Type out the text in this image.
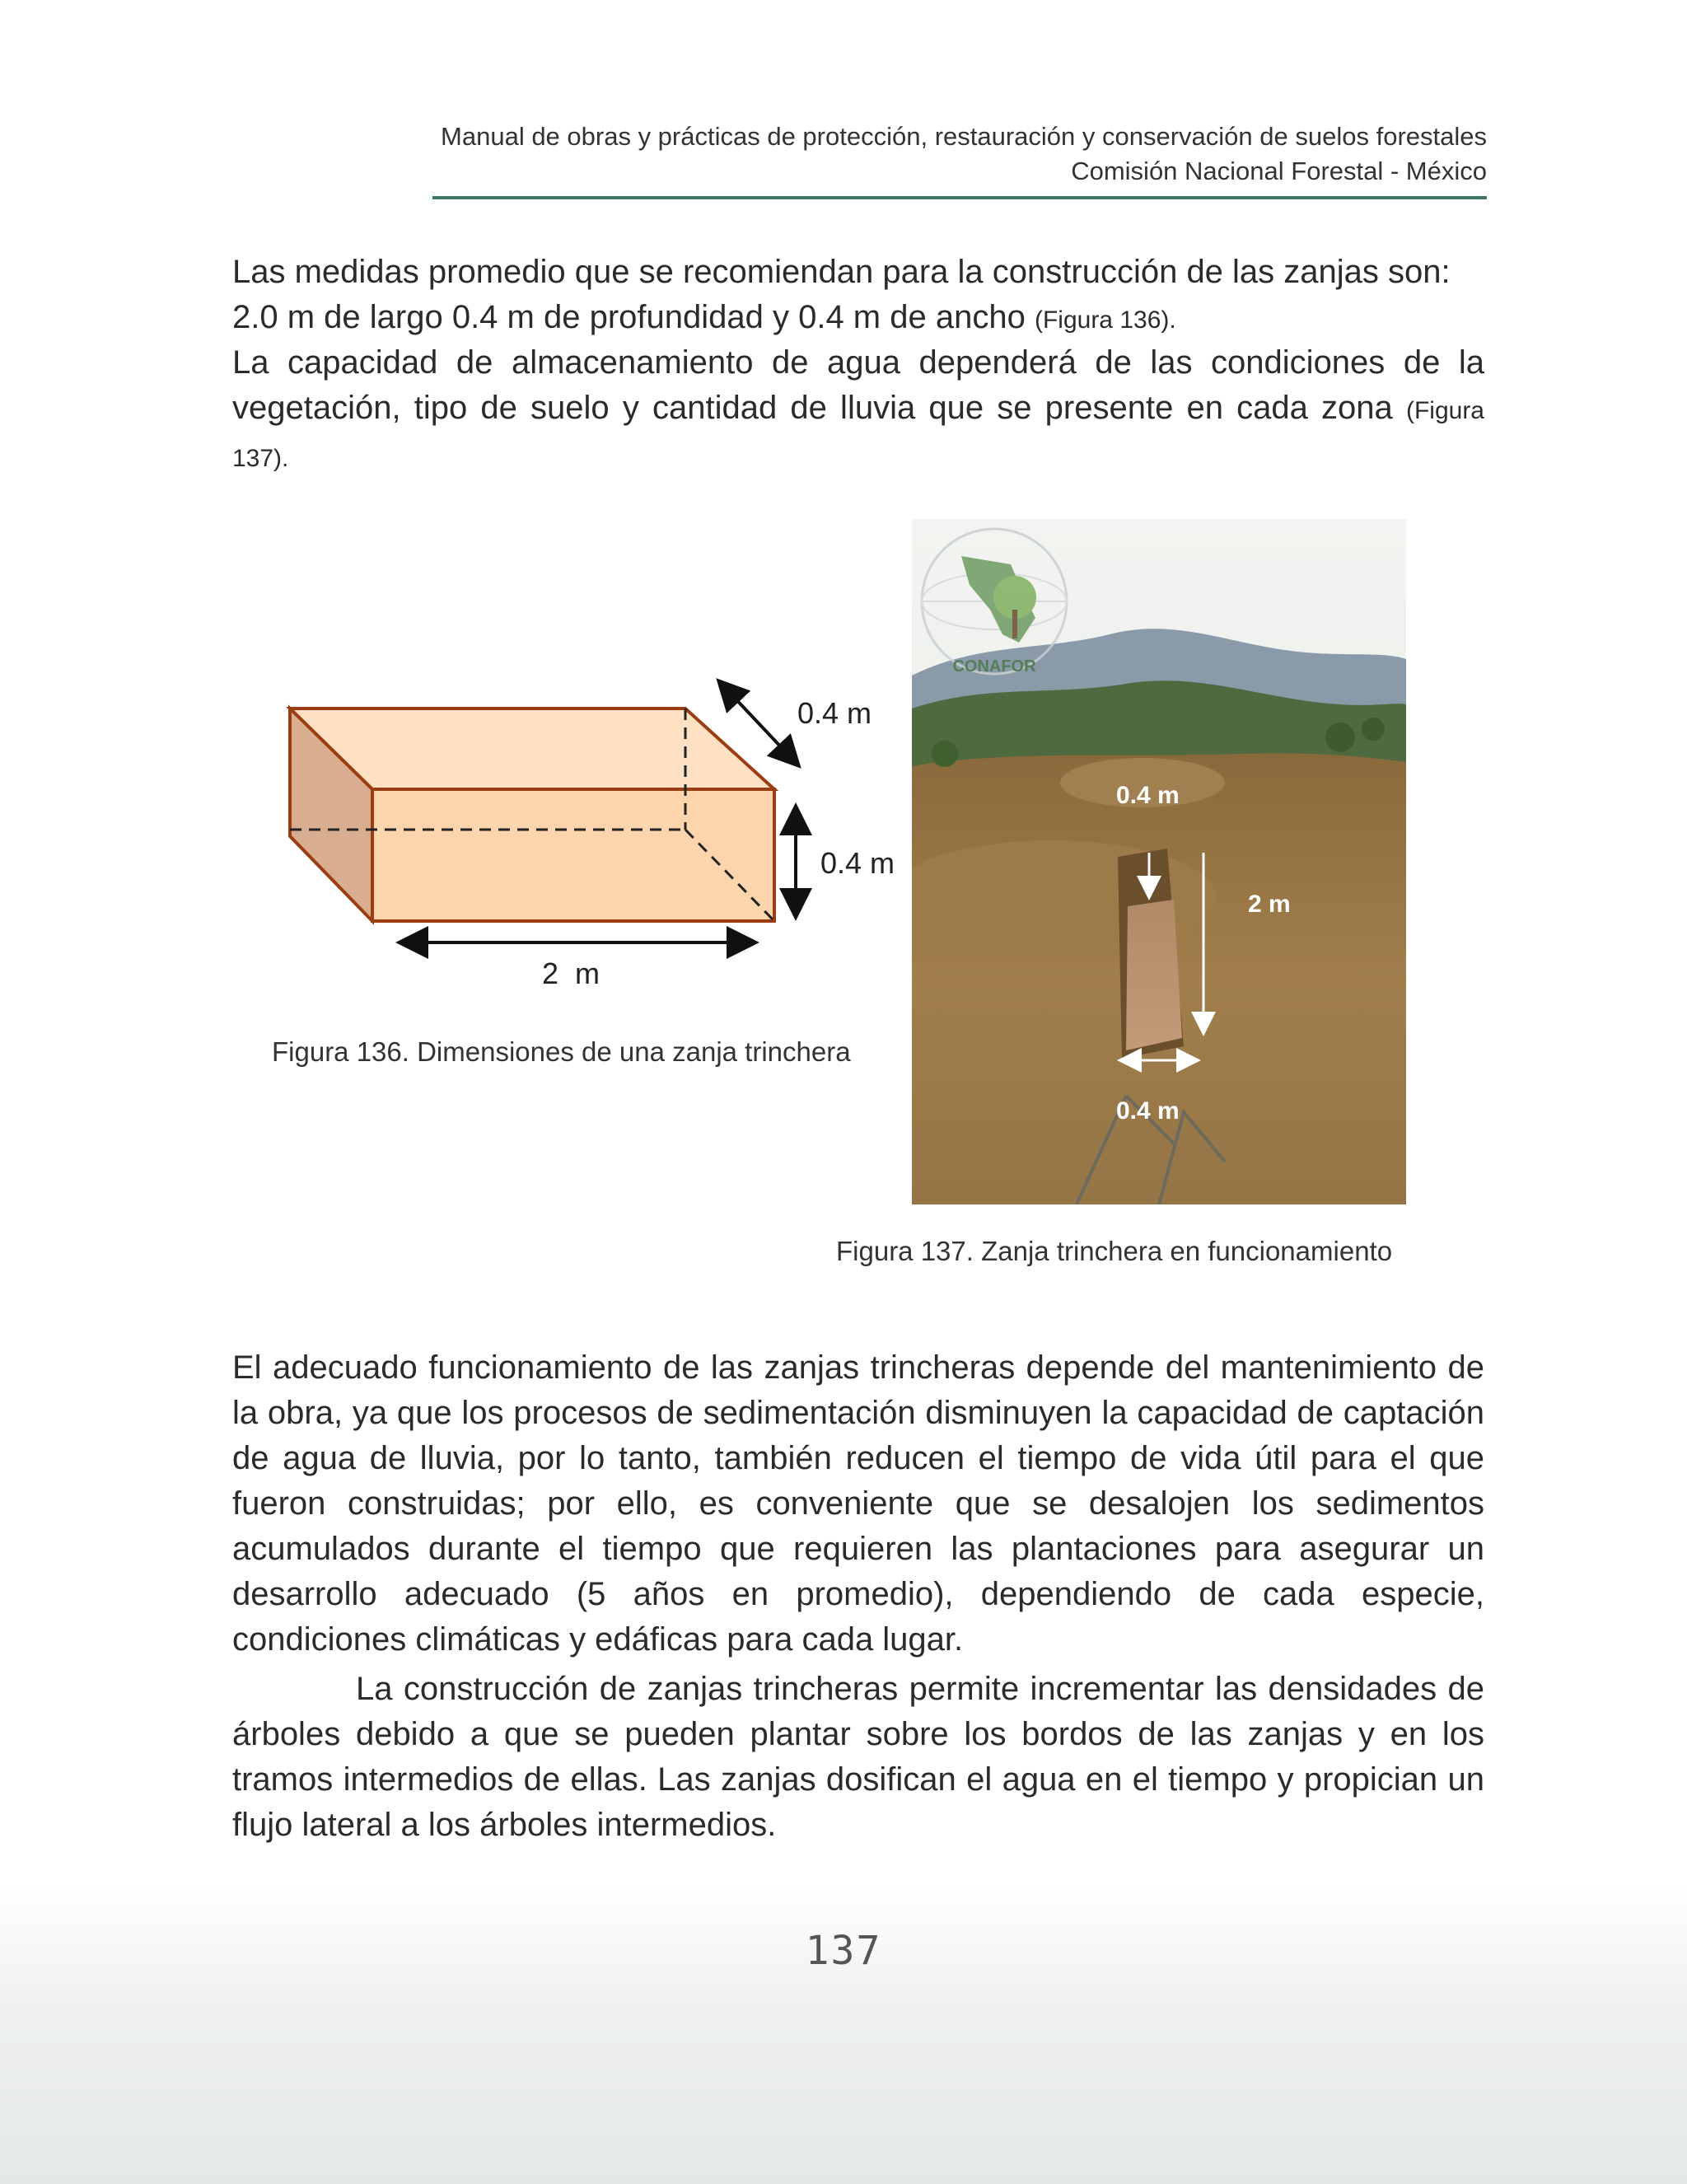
Manual de obras y prácticas de protección, restauración y conservación de suelos forestales
Comisión Nacional Forestal - México

Las medidas promedio que se recomiendan para la construcción de las zanjas son:
2.0 m de largo 0.4 m de profundidad y 0.4 m de ancho (Figura 136).

La capacidad de almacenamiento de agua dependerá de las condiciones de la vegetación, tipo de suelo y cantidad de lluvia que se presente en cada zona (Figura 137).

0.4 m
0.4 m
2  m
Figura 136. Dimensiones de una zanja trinchera
CONAFOR
0.4 m
2 m
0.4 m
Figura 137. Zanja trinchera en funcionamiento

El adecuado funcionamiento de las zanjas trincheras depende del mantenimiento de la obra, ya que los procesos de sedimentación disminuyen la capacidad de captación de agua de lluvia, por lo tanto, también reducen el tiempo de vida útil para el que fueron construidas; por ello, es conveniente que se desalojen los sedimentos acumulados durante el tiempo que requieren las plantaciones para asegurar un desarrollo adecuado (5 años en promedio), dependiendo de cada especie, condiciones climáticas y edáficas para cada lugar.

La construcción de zanjas trincheras permite incrementar las densidades de árboles debido a que se pueden plantar sobre los bordos de las zanjas y en los tramos intermedios de ellas. Las zanjas dosifican el agua en el tiempo y propician un flujo lateral a los árboles intermedios.

137
